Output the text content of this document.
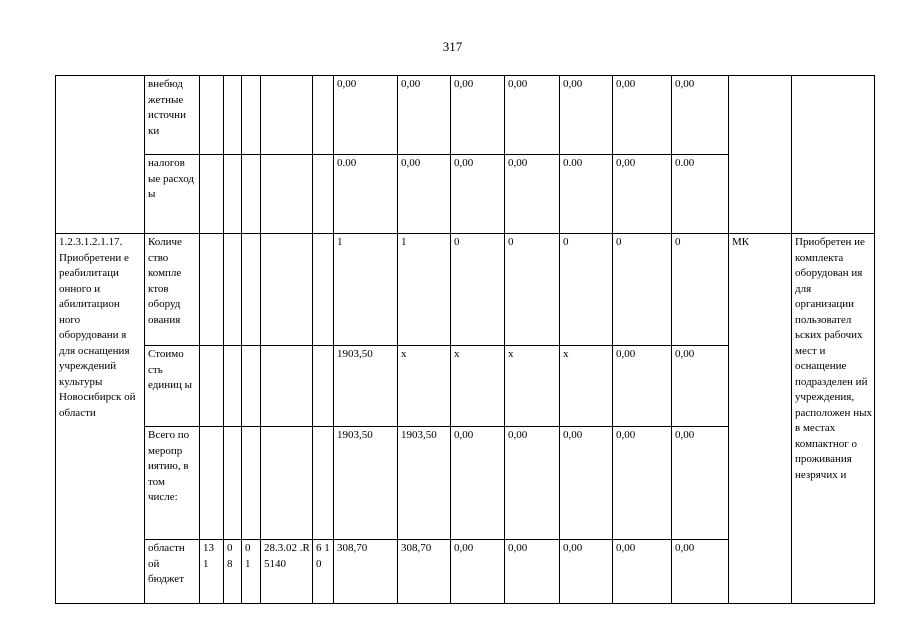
317
	внебюд жетные источни ки						0,00	0,00	0,00	0,00	0,00	0,00	0,00		
	налогов ые расход ы						0.00	0,00	0,00	0,00	0.00	0,00	0.00		
1.2.3.1.2.1.17. Приобретени е реабилитаци онного и абилитацион ного оборудовани я для оснащения учреждений культуры Новосибирск ой области	Количе ство компле ктов оборуд ования						1	1	0	0	0	0	0	МК	Приобретен ие комплекта оборудован ия для организации пользовател ьских рабочих мест и оснащение подразделен ий учреждения, расположен ных в местах компактног о проживания незрячих и
	Стоимо сть единиц ы						1903,50	х	х	х	х	0,00	0,00		
	Всего по меропр иятию, в том числе:						1903,50	1903,50	0,00	0,00	0,00	0,00	0,00		
	областн ой бюджет	13 1	0 8	0 1	28.3.02 .R5140	6 1 0	308,70	308,70	0,00	0,00	0,00	0,00	0,00		
